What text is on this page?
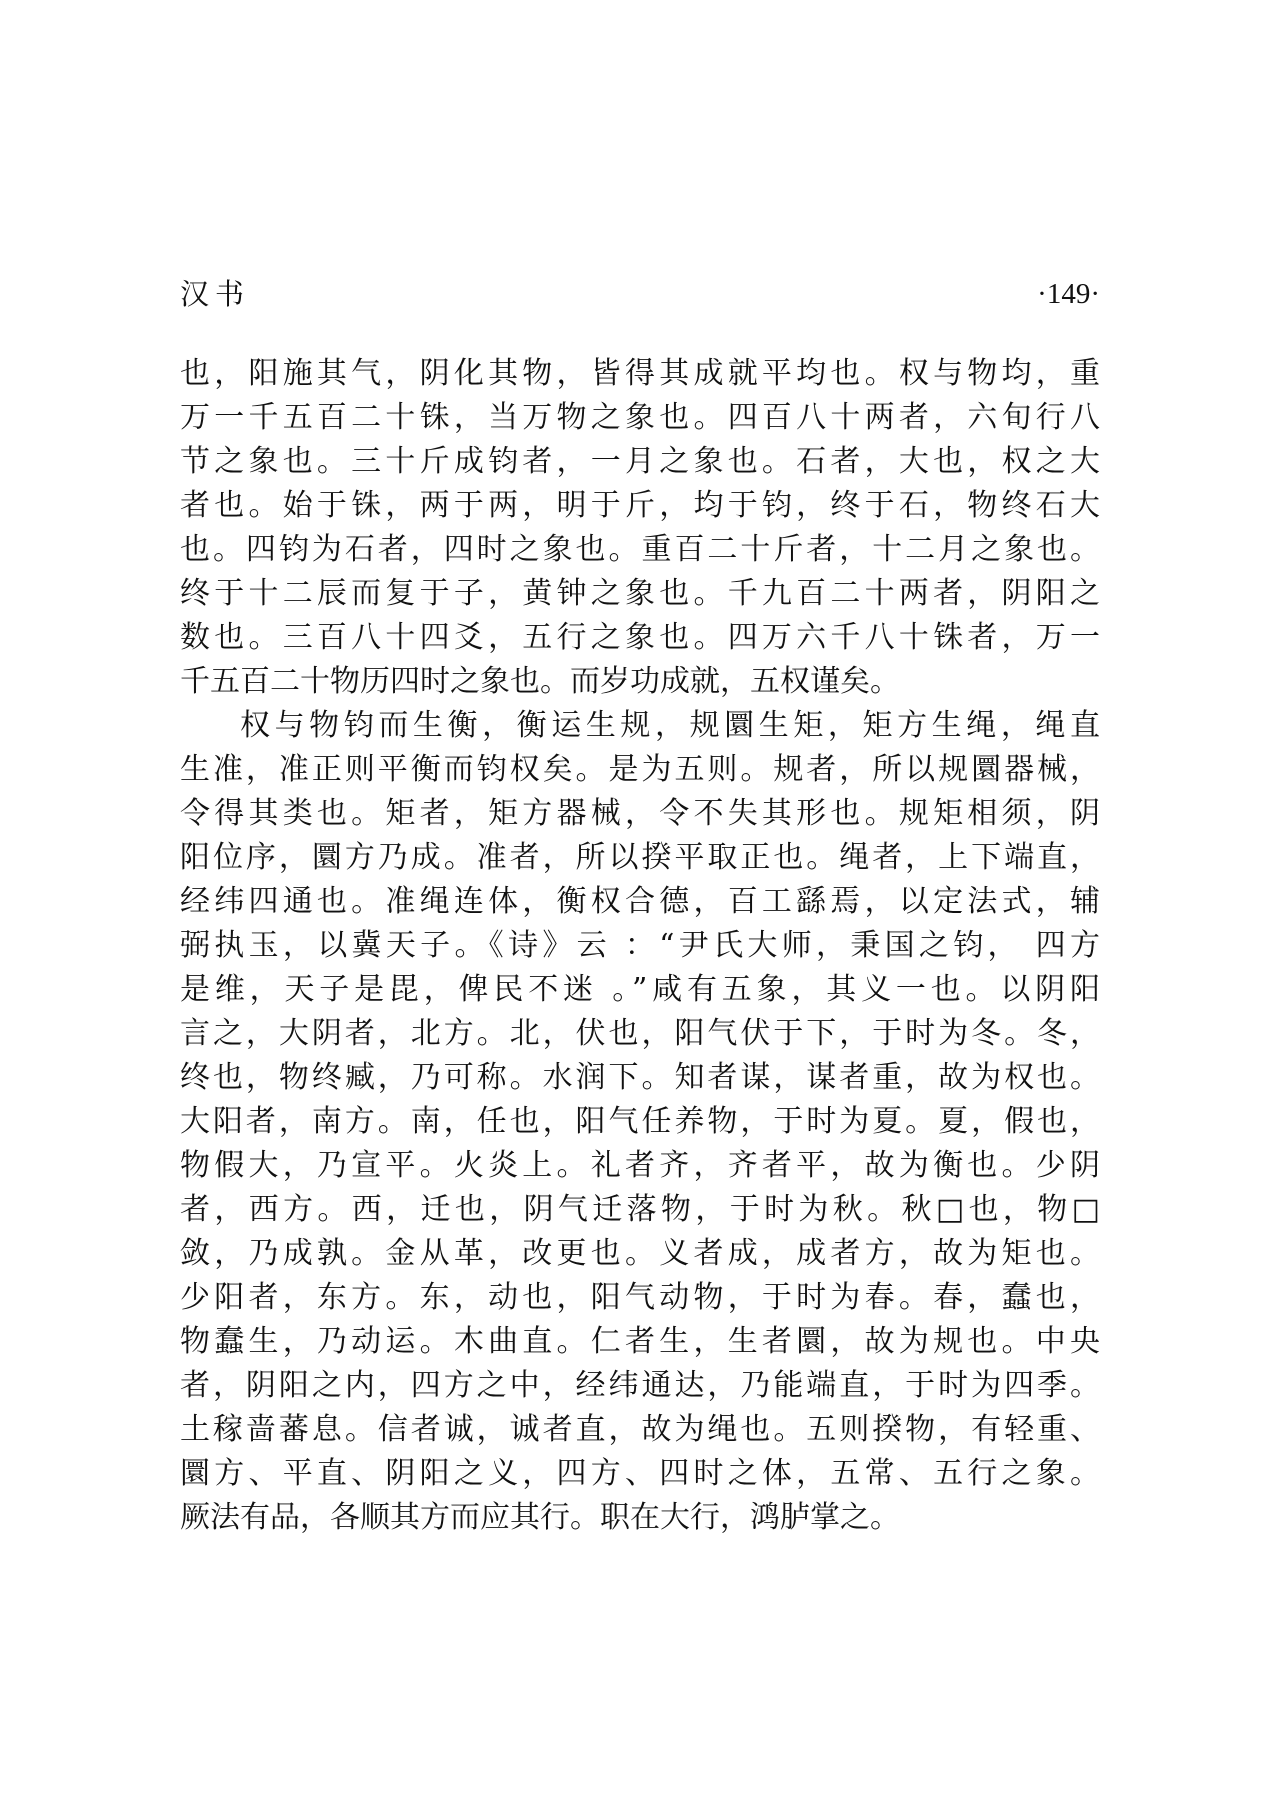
汉书	·149·
也，阳施其气，阴化其物，皆得其成就平均也。权与物均，重
万一千五百二十铢，当万物之象也。四百八十两者，六旬行八
节之象也。三十斤成钧者，一月之象也。石者，大也，权之大
者也。始于铢，两于两，明于斤，均于钧，终于石，物终石大
也。四钧为石者，四时之象也。重百二十斤者，十二月之象也。
终于十二辰而复于子，黄钟之象也。千九百二十两者，阴阳之
数也。三百八十四爻，五行之象也。四万六千八十铢者，万一
千五百二十物历四时之象也。而岁功成就，五权谨矣。
权与物钧而生衡，衡运生规，规圜生矩，矩方生绳，绳直
生准，准正则平衡而钧权矣。是为五则。规者，所以规圜器械，
令得其类也。矩者，矩方器械，令不失其形也。规矩相须，阴
阳位序，圜方乃成。准者，所以揆平取正也。绳者，上下端直，
经纬四通也。准绳连体，衡权合德，百工繇焉，以定法式，辅
弼执玉，以冀天子。《诗》云 ：“尹氏大师，秉国之钧， 四方
是维，天子是毘，俾民不迷 。”咸有五象，其义一也。以阴阳
言之，大阴者，北方。北，伏也，阳气伏于下，于时为冬。冬，
终也，物终臧，乃可称。水润下。知者谋，谋者重，故为权也。
大阳者，南方。南，任也，阳气任养物，于时为夏。夏，假也，
物假大，乃宣平。火炎上。礼者齐，齐者平，故为衡也。少阴
者，西方。西，迁也，阴气迁落物，于时为秋。秋□也，物□
敛，乃成孰。金从革，改更也。义者成，成者方，故为矩也。
少阳者，东方。东，动也，阳气动物，于时为春。春，蠢也，
物蠢生，乃动运。木曲直。仁者生，生者圜，故为规也。中央
者，阴阳之内，四方之中，经纬通达，乃能端直，于时为四季。
土稼啬蕃息。信者诚，诚者直，故为绳也。五则揆物，有轻重、
圜方、平直、阴阳之义，四方、四时之体，五常、五行之象。
厥法有品，各顺其方而应其行。职在大行，鸿胪掌之。
